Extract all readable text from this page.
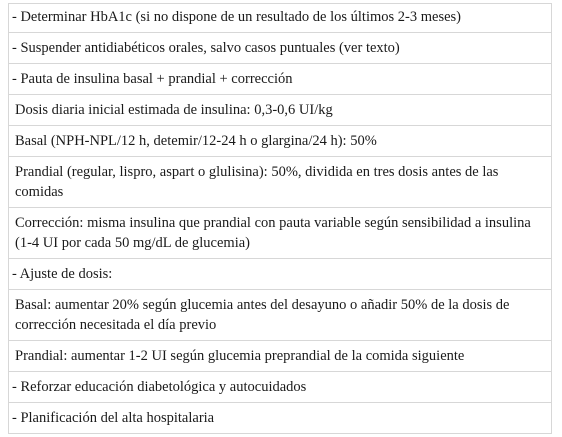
- Determinar HbA1c (si no dispone de un resultado de los últimos 2-3 meses)
- Suspender antidiabéticos orales, salvo casos puntuales (ver texto)
- Pauta de insulina basal + prandial + corrección
Dosis diaria inicial estimada de insulina: 0,3-0,6 UI/kg
Basal (NPH-NPL/12 h, detemir/12-24 h o glargina/24 h): 50%
Prandial (regular, lispro, aspart o glulisina): 50%, dividida en tres dosis antes de las comidas
Corrección: misma insulina que prandial con pauta variable según sensibilidad a insulina (1-4 UI por cada 50 mg/dL de glucemia)
- Ajuste de dosis:
Basal: aumentar 20% según glucemia antes del desayuno o añadir 50% de la dosis de corrección necesitada el día previo
Prandial: aumentar 1-2 UI según glucemia preprandial de la comida siguiente
- Reforzar educación diabetológica y autocuidados
- Planificación del alta hospitalaria
